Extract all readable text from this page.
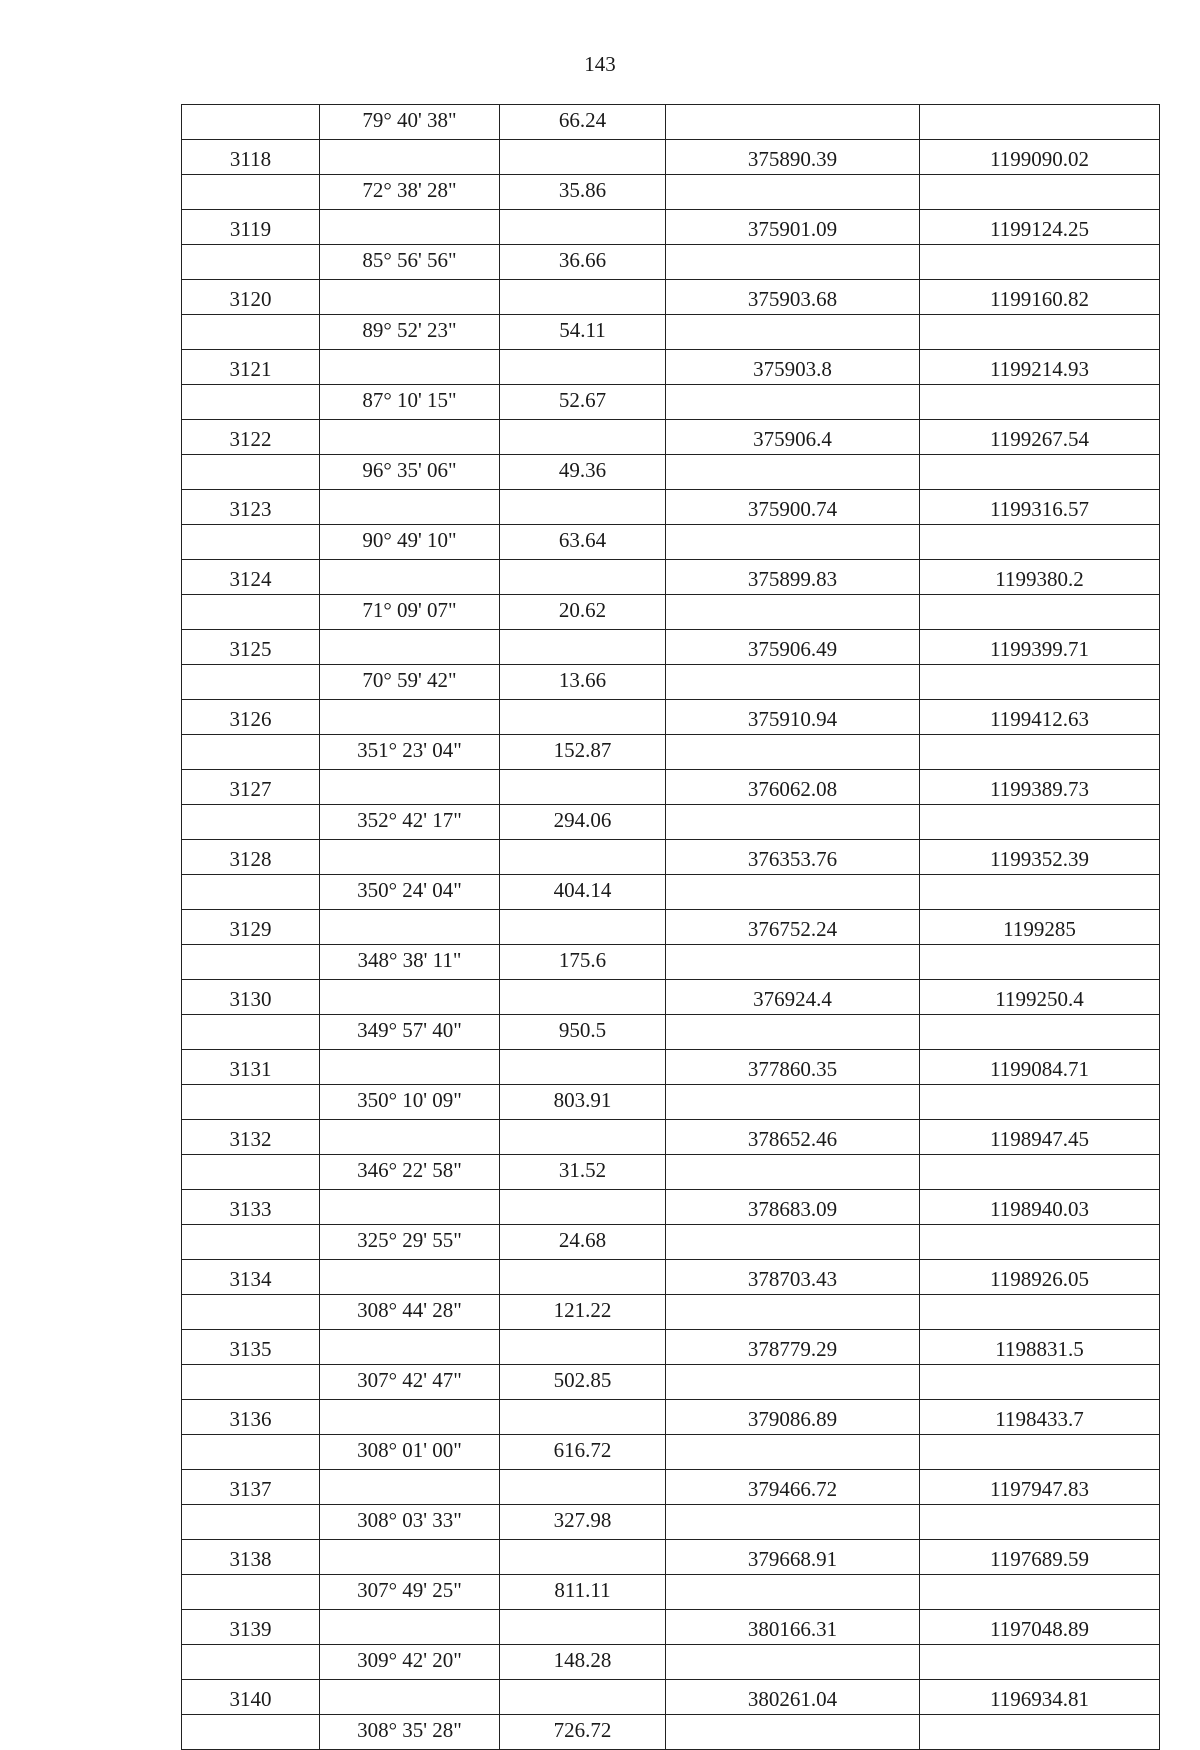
143
	79° 40' 38"	66.24		
3118			375890.39	1199090.02
	72° 38' 28"	35.86		
3119			375901.09	1199124.25
	85° 56' 56"	36.66		
3120			375903.68	1199160.82
	89° 52' 23"	54.11		
3121			375903.8	1199214.93
	87° 10' 15"	52.67		
3122			375906.4	1199267.54
	96° 35' 06"	49.36		
3123			375900.74	1199316.57
	90° 49' 10"	63.64		
3124			375899.83	1199380.2
	71° 09' 07"	20.62		
3125			375906.49	1199399.71
	70° 59' 42"	13.66		
3126			375910.94	1199412.63
	351° 23' 04"	152.87		
3127			376062.08	1199389.73
	352° 42' 17"	294.06		
3128			376353.76	1199352.39
	350° 24' 04"	404.14		
3129			376752.24	1199285
	348° 38' 11"	175.6		
3130			376924.4	1199250.4
	349° 57' 40"	950.5		
3131			377860.35	1199084.71
	350° 10' 09"	803.91		
3132			378652.46	1198947.45
	346° 22' 58"	31.52		
3133			378683.09	1198940.03
	325° 29' 55"	24.68		
3134			378703.43	1198926.05
	308° 44' 28"	121.22		
3135			378779.29	1198831.5
	307° 42' 47"	502.85		
3136			379086.89	1198433.7
	308° 01' 00"	616.72		
3137			379466.72	1197947.83
	308° 03' 33"	327.98		
3138			379668.91	1197689.59
	307° 49' 25"	811.11		
3139			380166.31	1197048.89
	309° 42' 20"	148.28		
3140			380261.04	1196934.81
	308° 35' 28"	726.72		
